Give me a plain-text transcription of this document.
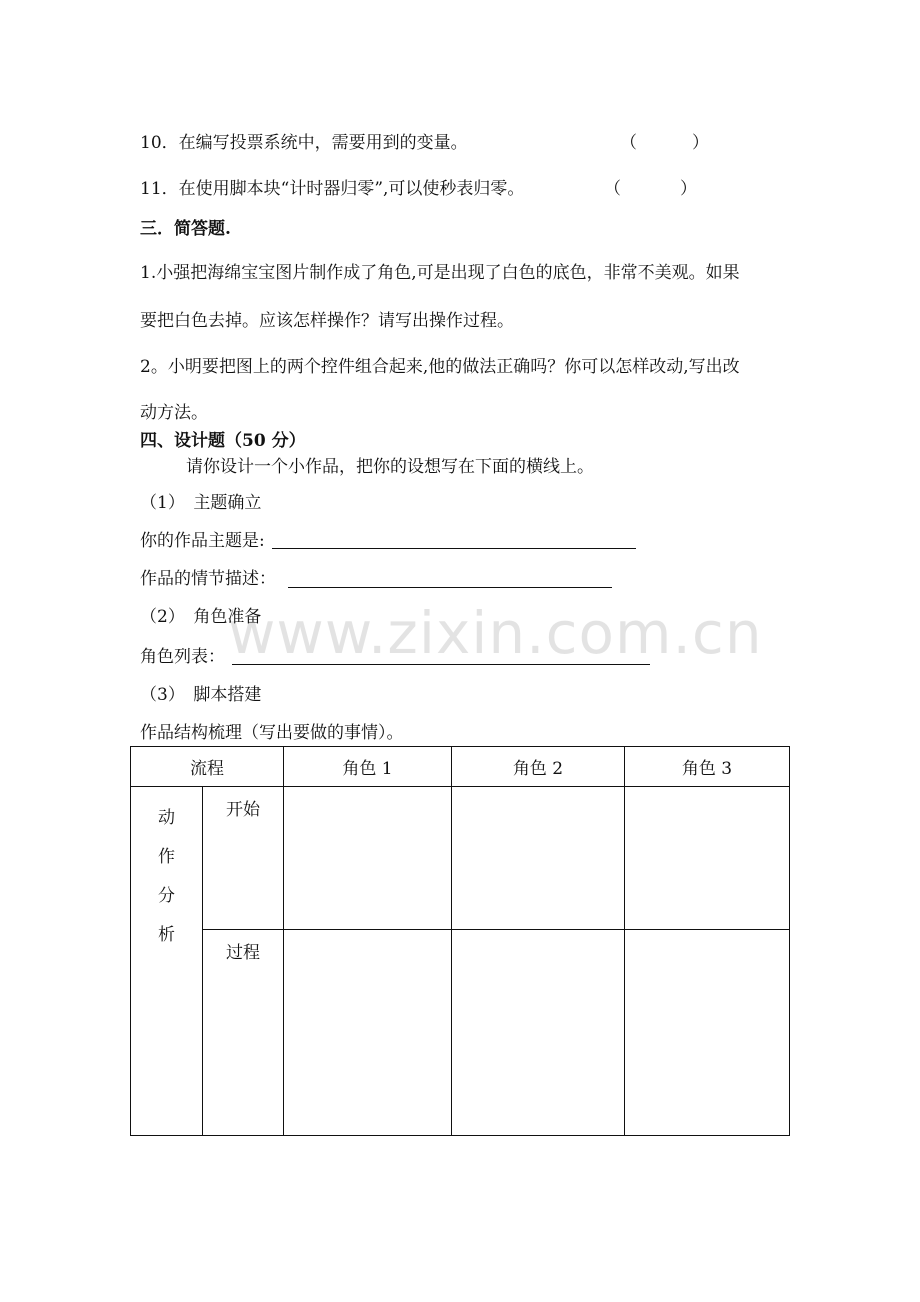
10．在编写投票系统中，需要用到的变量。	（	）
11．在使用脚本块“计时器归零”,可以使秒表归零。	（	）
三．简答题.
1.小强把海绵宝宝图片制作成了角色,可是出现了白色的底色，非常不美观。如果
要把白色去掉。应该怎样操作？请写出操作过程。
2。小明要把图上的两个控件组合起来,他的做法正确吗？你可以怎样改动,写出改
动方法。
四、设计题（50 分）
请你设计一个小作品，把你的设想写在下面的横线上。
（1）　主题确立
你的作品主题是:
作品的情节描述：
（2）　角色准备
角色列表：
（3）　脚本搭建
作品结构梳理（写出要做的事情）。
流程		角色 1	角色 2	角色 3

动
作
分
析	开始			
	过程			
www.zixin.com.cn
